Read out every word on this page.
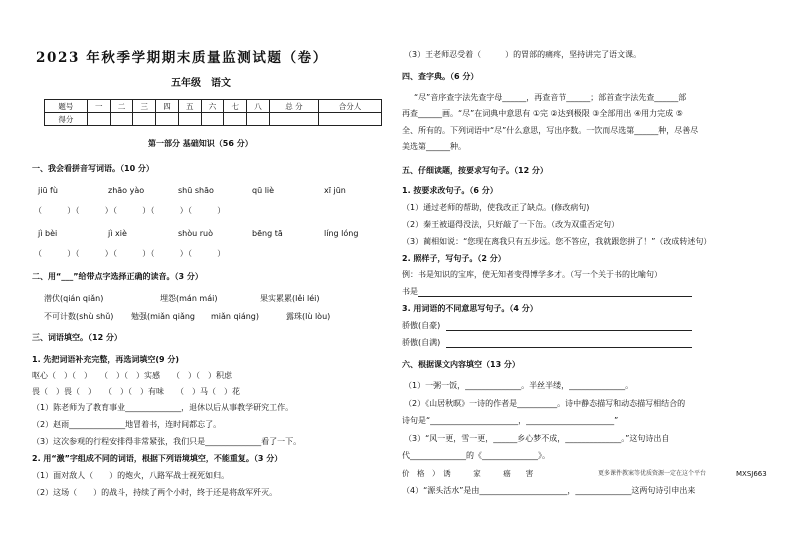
2023 年秋季学期期末质量监测试题（卷）
五年级　语文
题号	一	二	三	四	五	六	七	八	总 分	合分人
得分										
第一部分 基础知识（56 分）
一、我会看拼音写词语。（10 分）
jiū fù	zhāo yào	shū shāo	qū liè	xī jūn
（　　　）（　　　）（　　　）（　　　）（　　　）
jì bèi	jì xiè	shòu ruò	bēng tā	líng lóng
（　　　）（　　　）（　　　）（　　　）（　　　）
二、用“___”给带点字选择正确的读音。（3 分）
潜伏(qián qiǎn)	埋怨(mán mái)	果实累累(lěi léi)
不可计数(shù shǔ) 勉强(miǎn qiǎng　　miǎn qiáng)	露珠(lù lòu)
三、词语填空。（12 分）
1. 先把词语补充完整，再选词填空(9 分)
呕心（　）（　）　　（　）（　）实感　　（　）（　）积虑
畏（　）畏（　）　　（　）（　）有味　　（　）马（　）花
（1）陈老师为了教育事业______________，退休以后从事教学研究工作。
（2）赵雨______________地冒着书，连时间都忘了。
（3）这次参观的行程安排得非常紧张，我们只是______________看了一下。
2. 用“激”字组成不同的词语，根据下列语境填空，不能重复。（3 分）
（1）面对敌人（　　）的炮火，八路军战士视死如归。
（2）这场（　　）的战斗，持续了两个小时，终于还是将敌军歼灭。
（3）王老师忍受着（　　　）的胃部的痛疼，坚持讲完了语文课。
四、查字典。（6 分）
“尽”音序查字法先查字母______，再查音节______；部首查字法先查______部
再查______画。“尽”在词典中意思有 ①完 ②达到极限 ③全部用出 ④用力完成 ⑤
全、所有的。下列词语中“尽”什么意思，写出序数。一饮而尽选第______种，尽善尽
美选第______种。
五、仔细读题，按要求写句子。（12 分）
1. 按要求改句子。（6 分）
（1）通过老师的帮助，使我改正了缺点。(修改病句)
（2）秦王被逼得没法，只好敲了一下缶。（改为双重否定句）
（3）蔺相如说：“您现在离我只有五步远。您不答应，我就跟您拼了！”（改成转述句）
2. 照样子，写句子。（2 分）
例：书是知识的宝库，使无知者变得博学多才。（写一个关于书的比喻句）
书是
3. 用词语的不同意思写句子。（4 分）
骄傲(自豪)
骄傲(自满)
六、根据课文内容填空（13 分）
（1）一粥一饭，______________。半丝半缕，______________。
（2）《山居秋暝》一诗的作者是__________。诗中静态描写和动态描写相结合的
诗句是“______________________，______________________”
（3）“风一更，雪一更，______乡心梦不成，______________。”这句诗出自
代______________的《______________》。
价　格　）　诱　　　家　　　癌　　害	更多课件教案等优质资源一定在这个平台	MXSJ663
（4）“源头活水”是由______________________，______________这两句诗引申出来
